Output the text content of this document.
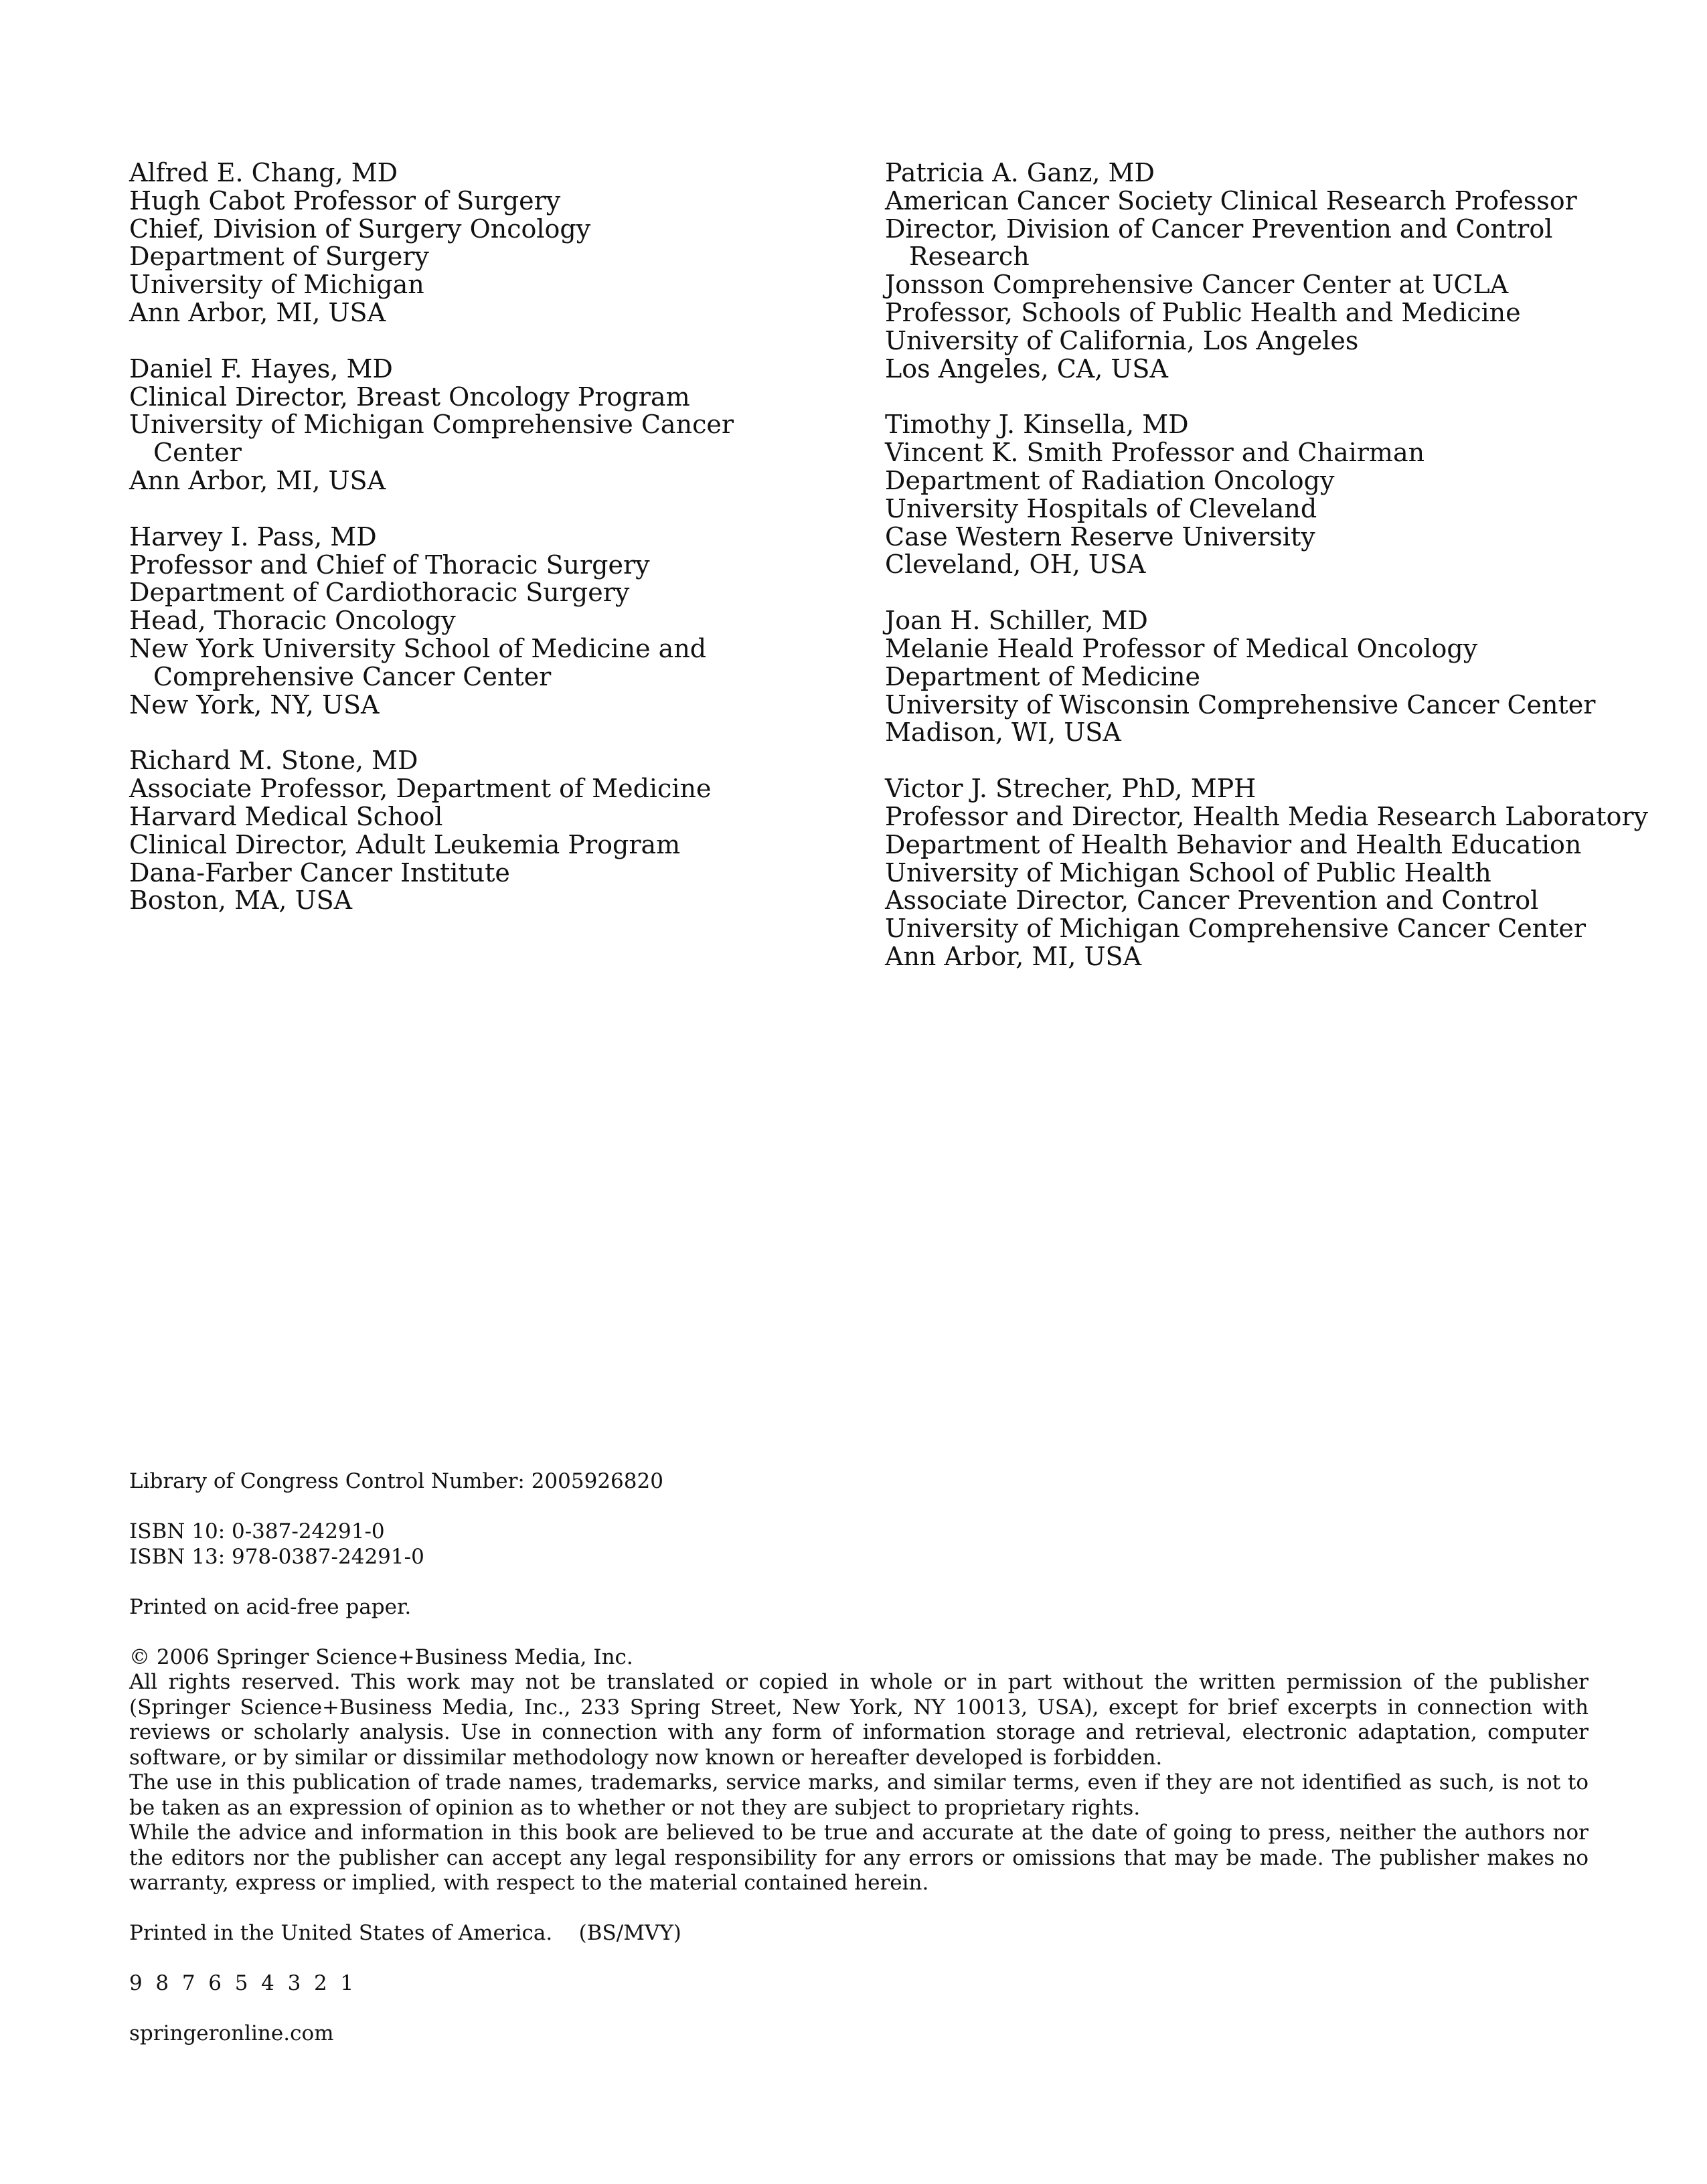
Alfred E. Chang, MD
Hugh Cabot Professor of Surgery
Chief, Division of Surgery Oncology
Department of Surgery
University of Michigan
Ann Arbor, MI, USA
Daniel F. Hayes, MD
Clinical Director, Breast Oncology Program
University of Michigan Comprehensive Cancer
Center
Ann Arbor, MI, USA
Harvey I. Pass, MD
Professor and Chief of Thoracic Surgery
Department of Cardiothoracic Surgery
Head, Thoracic Oncology
New York University School of Medicine and
Comprehensive Cancer Center
New York, NY, USA
Richard M. Stone, MD
Associate Professor, Department of Medicine
Harvard Medical School
Clinical Director, Adult Leukemia Program
Dana-Farber Cancer Institute
Boston, MA, USA
Patricia A. Ganz, MD
American Cancer Society Clinical Research Professor
Director, Division of Cancer Prevention and Control
Research
Jonsson Comprehensive Cancer Center at UCLA
Professor, Schools of Public Health and Medicine
University of California, Los Angeles
Los Angeles, CA, USA
Timothy J. Kinsella, MD
Vincent K. Smith Professor and Chairman
Department of Radiation Oncology
University Hospitals of Cleveland
Case Western Reserve University
Cleveland, OH, USA
Joan H. Schiller, MD
Melanie Heald Professor of Medical Oncology
Department of Medicine
University of Wisconsin Comprehensive Cancer Center
Madison, WI, USA
Victor J. Strecher, PhD, MPH
Professor and Director, Health Media Research Laboratory
Department of Health Behavior and Health Education
University of Michigan School of Public Health
Associate Director, Cancer Prevention and Control
University of Michigan Comprehensive Cancer Center
Ann Arbor, MI, USA

Library of Congress Control Number: 2005926820

ISBN 10: 0-387-24291-0

ISBN 13: 978-0387-24291-0

Printed on acid-free paper.

© 2006 Springer Science+Business Media, Inc.

All rights reserved. This work may not be translated or copied in whole or in part without the written permission of the publisher (Springer Science+Business Media, Inc., 233 Spring Street, New York, NY 10013, USA), except for brief excerpts in connection with reviews or scholarly analysis. Use in connection with any form of information storage and retrieval, electronic adaptation, computer software, or by similar or dissimilar methodology now known or hereafter developed is forbidden.

The use in this publication of trade names, trademarks, service marks, and similar terms, even if they are not identified as such, is not to be taken as an expression of opinion as to whether or not they are subject to proprietary rights.

While the advice and information in this book are believed to be true and accurate at the date of going to press, neither the authors nor the editors nor the publisher can accept any legal responsibility for any errors or omissions that may be made. The publisher makes no warranty, express or implied, with respect to the material contained herein.

Printed in the United States of America.    (BS/MVY)

9  8  7  6  5  4  3  2  1

springeronline.com
